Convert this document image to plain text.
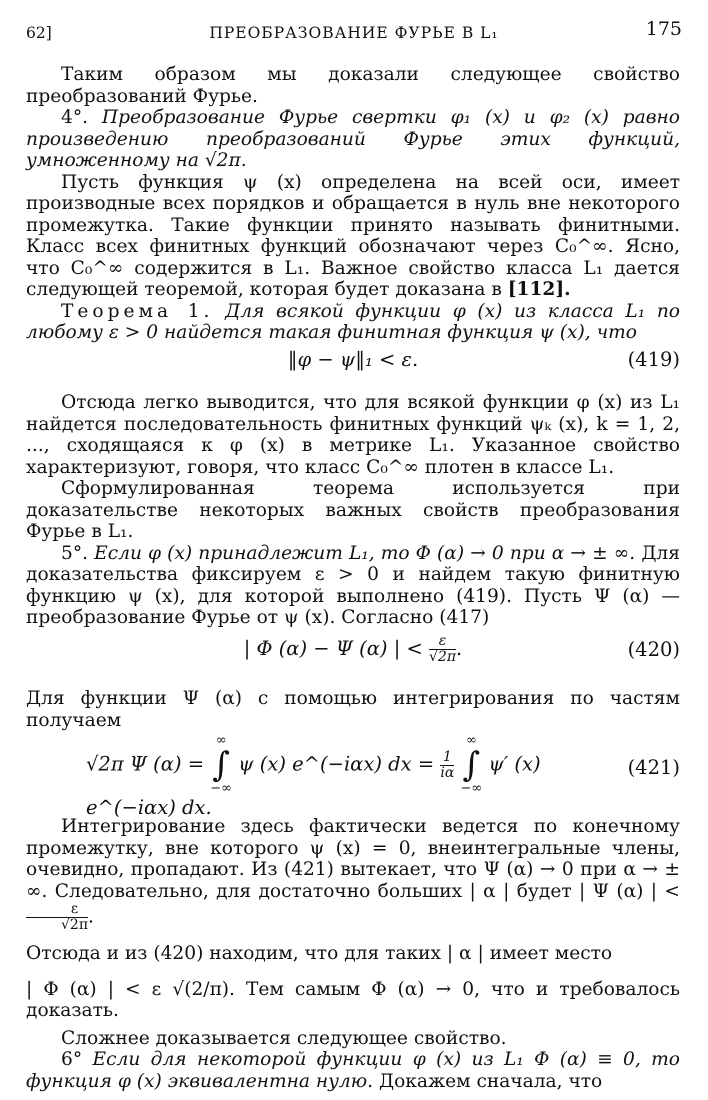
62]	ПРЕОБРАЗОВАНИЕ ФУРЬЕ В L₁	175
Таким образом мы доказали следующее свойство преобразований Фурье.
4°. Преобразование Фурье свертки φ₁ (x) и φ₂ (x) равно произведению преобразований Фурье этих функций, умноженному на √2π.
Пусть функция ψ (x) определена на всей оси, имеет производные всех порядков и обращается в нуль вне некоторого промежутка. Такие функции принято называть финитными. Класс всех финитных функций обозначают через C₀^∞. Ясно, что C₀^∞ содержится в L₁. Важное свойство класса L₁ дается следующей теоремой, которая будет доказана в [112].
Теорема 1. Для всякой функции φ (x) из класса L₁ по любому ε > 0 найдется такая финитная функция ψ (x), что
‖φ − ψ‖₁ < ε.	(419)
Отсюда легко выводится, что для всякой функции φ (x) из L₁ найдется последовательность финитных функций ψₖ (x), k = 1, 2, ..., сходящаяся к φ (x) в метрике L₁. Указанное свойство характеризуют, говоря, что класс C₀^∞ плотен в классе L₁.
Сформулированная теорема используется при доказательстве некоторых важных свойств преобразования Фурье в L₁.
5°. Если φ (x) принадлежит L₁, то Φ (α) → 0 при α → ± ∞. Для доказательства фиксируем ε > 0 и найдем такую финитную функцию ψ (x), для которой выполнено (419). Пусть Ψ (α) — преобразование Фурье от ψ (x). Согласно (417)
| Φ (α) − Ψ (α) | < $\frac{\varepsilon}{√2\pi}$ .	(420)
Для функции Ψ (α) с помощью интегрирования по частям получаем
√2π Ψ (α) = ∞
∫
−∞ ψ (x) e^(−iαx) dx = $\frac{1}{i\alpha}$
∞
∫
−∞ ψ′ (x) e^(−iαx) dx.
(421)
Интегрирование здесь фактически ведется по конечному промежутку, вне которого ψ (x) = 0, внеинтегральные члены, очевидно, пропадают. Из (421) вытекает, что Ψ (α) → 0 при α → ± ∞. Следовательно, для достаточно больших | α | будет | Ψ (α) | <
$\frac{\varepsilon}{√2\pi}$ .
Отсюда и из (420) находим, что для таких | α | имеет место
| Φ (α) | < ε √(2/π). Тем самым Φ (α) → 0, что и требовалось доказать.
Сложнее доказывается следующее свойство.
6° Если для некоторой функции φ (x) из L₁ Φ (α) ≡ 0, то функция φ (x) эквивалентна нулю. Докажем сначала, что
